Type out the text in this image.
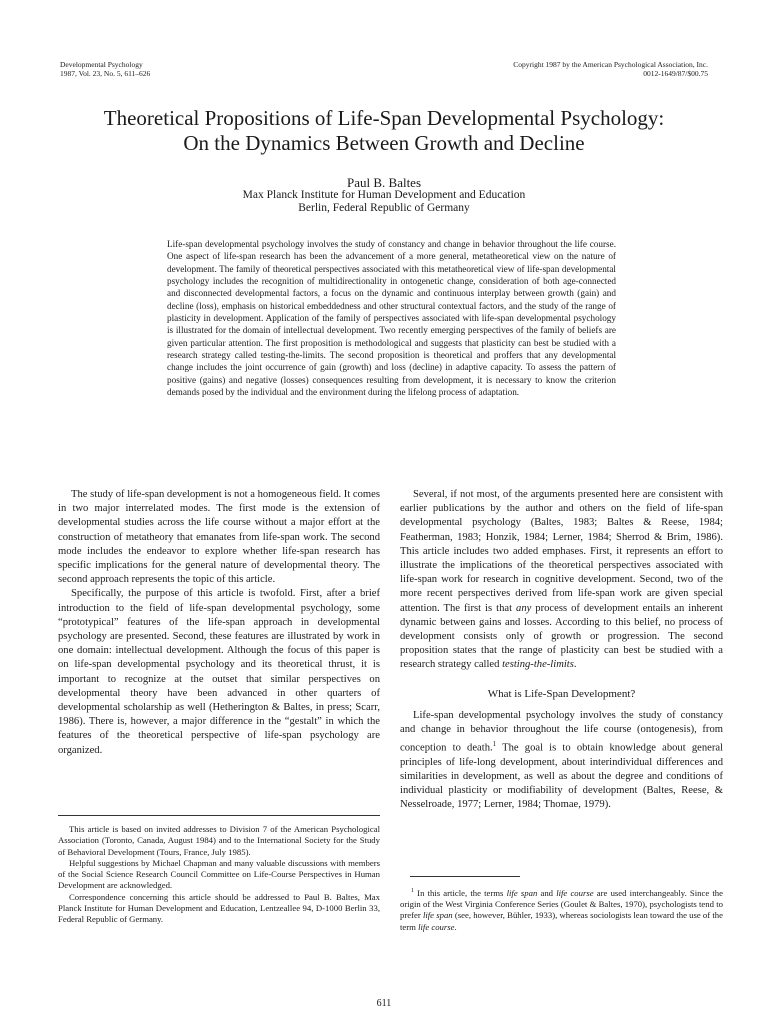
Developmental Psychology
1987, Vol. 23, No. 5, 611–626
Copyright 1987 by the American Psychological Association, Inc.
0012-1649/87/$00.75
Theoretical Propositions of Life-Span Developmental Psychology:
On the Dynamics Between Growth and Decline
Paul B. Baltes
Max Planck Institute for Human Development and Education
Berlin, Federal Republic of Germany
Life-span developmental psychology involves the study of constancy and change in behavior throughout the life course. One aspect of life-span research has been the advancement of a more general, metatheoretical view on the nature of development. The family of theoretical perspectives associated with this metatheoretical view of life-span developmental psychology includes the recognition of multidirectionality in ontogenetic change, consideration of both age-connected and disconnected developmental factors, a focus on the dynamic and continuous interplay between growth (gain) and decline (loss), emphasis on historical embeddedness and other structural contextual factors, and the study of the range of plasticity in development. Application of the family of perspectives associated with life-span developmental psychology is illustrated for the domain of intellectual development. Two recently emerging perspectives of the family of beliefs are given particular attention. The first proposition is methodological and suggests that plasticity can best be studied with a research strategy called testing-the-limits. The second proposition is theoretical and proffers that any developmental change includes the joint occurrence of gain (growth) and loss (decline) in adaptive capacity. To assess the pattern of positive (gains) and negative (losses) consequences resulting from development, it is necessary to know the criterion demands posed by the individual and the environment during the lifelong process of adaptation.

The study of life-span development is not a homogeneous field. It comes in two major interrelated modes. The first mode is the extension of developmental studies across the life course without a major effort at the construction of metatheory that emanates from life-span work. The second mode includes the endeavor to explore whether life-span research has specific implications for the general nature of developmental theory. The second approach represents the topic of this article.

Specifically, the purpose of this article is twofold. First, after a brief introduction to the field of life-span developmental psychology, some “prototypical” features of the life-span approach in developmental psychology are presented. Second, these features are illustrated by work in one domain: intellectual development. Although the focus of this paper is on life-span developmental psychology and its theoretical thrust, it is important to recognize at the outset that similar perspectives on developmental theory have been advanced in other quarters of developmental scholarship as well (Hetherington & Baltes, in press; Scarr, 1986). There is, however, a major difference in the “gestalt” in which the features of the theoretical perspective of life-span psychology are organized.

Several, if not most, of the arguments presented here are consistent with earlier publications by the author and others on the field of life-span developmental psychology (Baltes, 1983; Baltes & Reese, 1984; Featherman, 1983; Honzik, 1984; Lerner, 1984; Sherrod & Brim, 1986). This article includes two added emphases. First, it represents an effort to illustrate the implications of the theoretical perspectives associated with life-span work for research in cognitive development. Second, two of the more recent perspectives derived from life-span work are given special attention. The first is that any process of development entails an inherent dynamic between gains and losses. According to this belief, no process of development consists only of growth or progression. The second proposition states that the range of plasticity can best be studied with a research strategy called testing-the-limits.

What is Life-Span Development?

Life-span developmental psychology involves the study of constancy and change in behavior throughout the life course (ontogenesis), from conception to death.$^1$ The goal is to obtain knowledge about general principles of life-long development, about interindividual differences and similarities in development, as well as about the degree and conditions of individual plasticity or modifiability of development (Baltes, Reese, & Nesselroade, 1977; Lerner, 1984; Thomae, 1979).

This article is based on invited addresses to Division 7 of the American Psychological Association (Toronto, Canada, August 1984) and to the International Society for the Study of Behavioral Development (Tours, France, July 1985).

Helpful suggestions by Michael Chapman and many valuable discussions with members of the Social Science Research Council Committee on Life-Course Perspectives in Human Development are acknowledged.

Correspondence concerning this article should be addressed to Paul B. Baltes, Max Planck Institute for Human Development and Education, Lentzeallee 94, D-1000 Berlin 33, Federal Republic of Germany.

$^1$ In this article, the terms life span and life course are used interchangeably. Since the origin of the West Virginia Conference Series (Goulet & Baltes, 1970), psychologists tend to prefer life span (see, however, Bühler, 1933), whereas sociologists lean toward the use of the term life course.

611
